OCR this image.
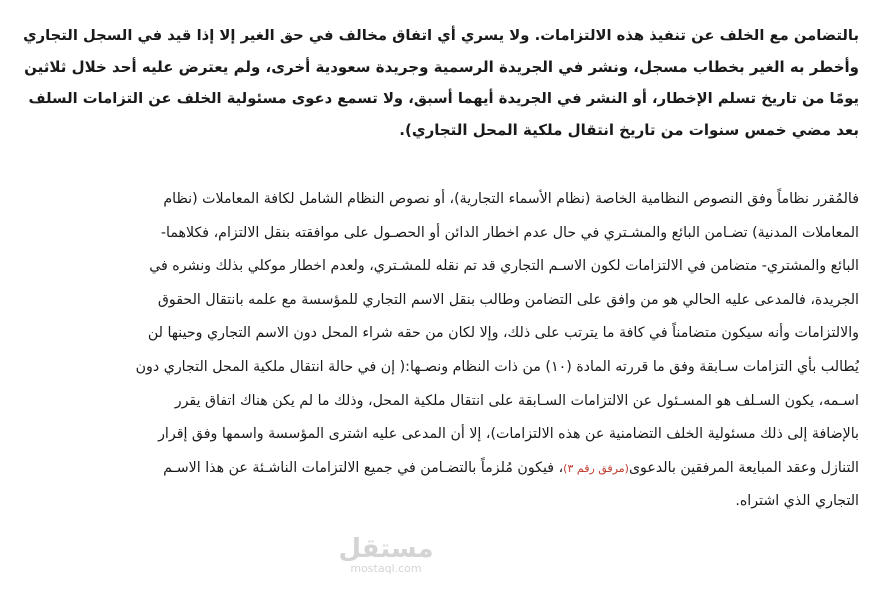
بالتضامن مع الخلف عن تنفيذ هذه الالتزامات. ولا يسري أي اتفاق مخالف في حق الغير إلا إذا قيد في السجل التجاري
وأخطر به الغير بخطاب مسجل، ونشر في الجريدة الرسمية وجريدة سعودية أخرى، ولم يعترض عليه أحد خلال ثلاثين
يومًا من تاريخ تسلم الإخطار، أو النشر في الجريدة أيهما أسبق، ولا تسمع دعوى مسئولية الخلف عن التزامات السلف
بعد مضي خمس سنوات من تاريخ انتقال ملكية المحل التجاري).
فالمُقرر نظاماً وفق النصوص النظامية الخاصة (نظام الأسماء التجارية)، أو نصوص النظام الشامل لكافة المعاملات (نظام
المعاملات المدنية) تضـامن البائع والمشـتري في حال عدم اخطار الدائن أو الحصـول على موافقته بنقل الالتزام، فكلاهما-
البائع والمشتري- متضامن في الالتزامات لكون الاسـم التجاري قد تم نقله للمشـتري، ولعدم اخطار موكلي بذلك ونشره في
الجريدة، فالمدعى عليه الحالي هو من وافق على التضامن وطالب بنقل الاسم التجاري للمؤسسة مع علمه بانتقال الحقوق
والالتزامات وأنه سيكون متضامناً في كافة ما يترتب على ذلك، وإلا لكان من حقه شراء المحل دون الاسم التجاري وحينها لن
يُطالب بأي التزامات سـابقة وفق ما قررته المادة (١٠) من ذات النظام ونصـها:( إن في حالة انتقال ملكية المحل التجاري دون
اسـمه، يكون السـلف هو المسـئول عن الالتزامات السـابقة على انتقال ملكية المحل، وذلك ما لم يكن هناك اتفاق يقرر
بالإضافة إلى ذلك مسئولية الخلف التضامنية عن هذه الالتزامات)، إلا أن المدعى عليه اشترى المؤسسة واسمها وفق إقرار
التنازل وعقد المبايعة المرفقين بالدعوى(مرفق رقم ٣)، فيكون مُلزماً بالتضـامن في جميع الالتزامات الناشـئة عن هذا الاسـم
التجاري الذي اشتراه.
مستقل
mostaql.com
